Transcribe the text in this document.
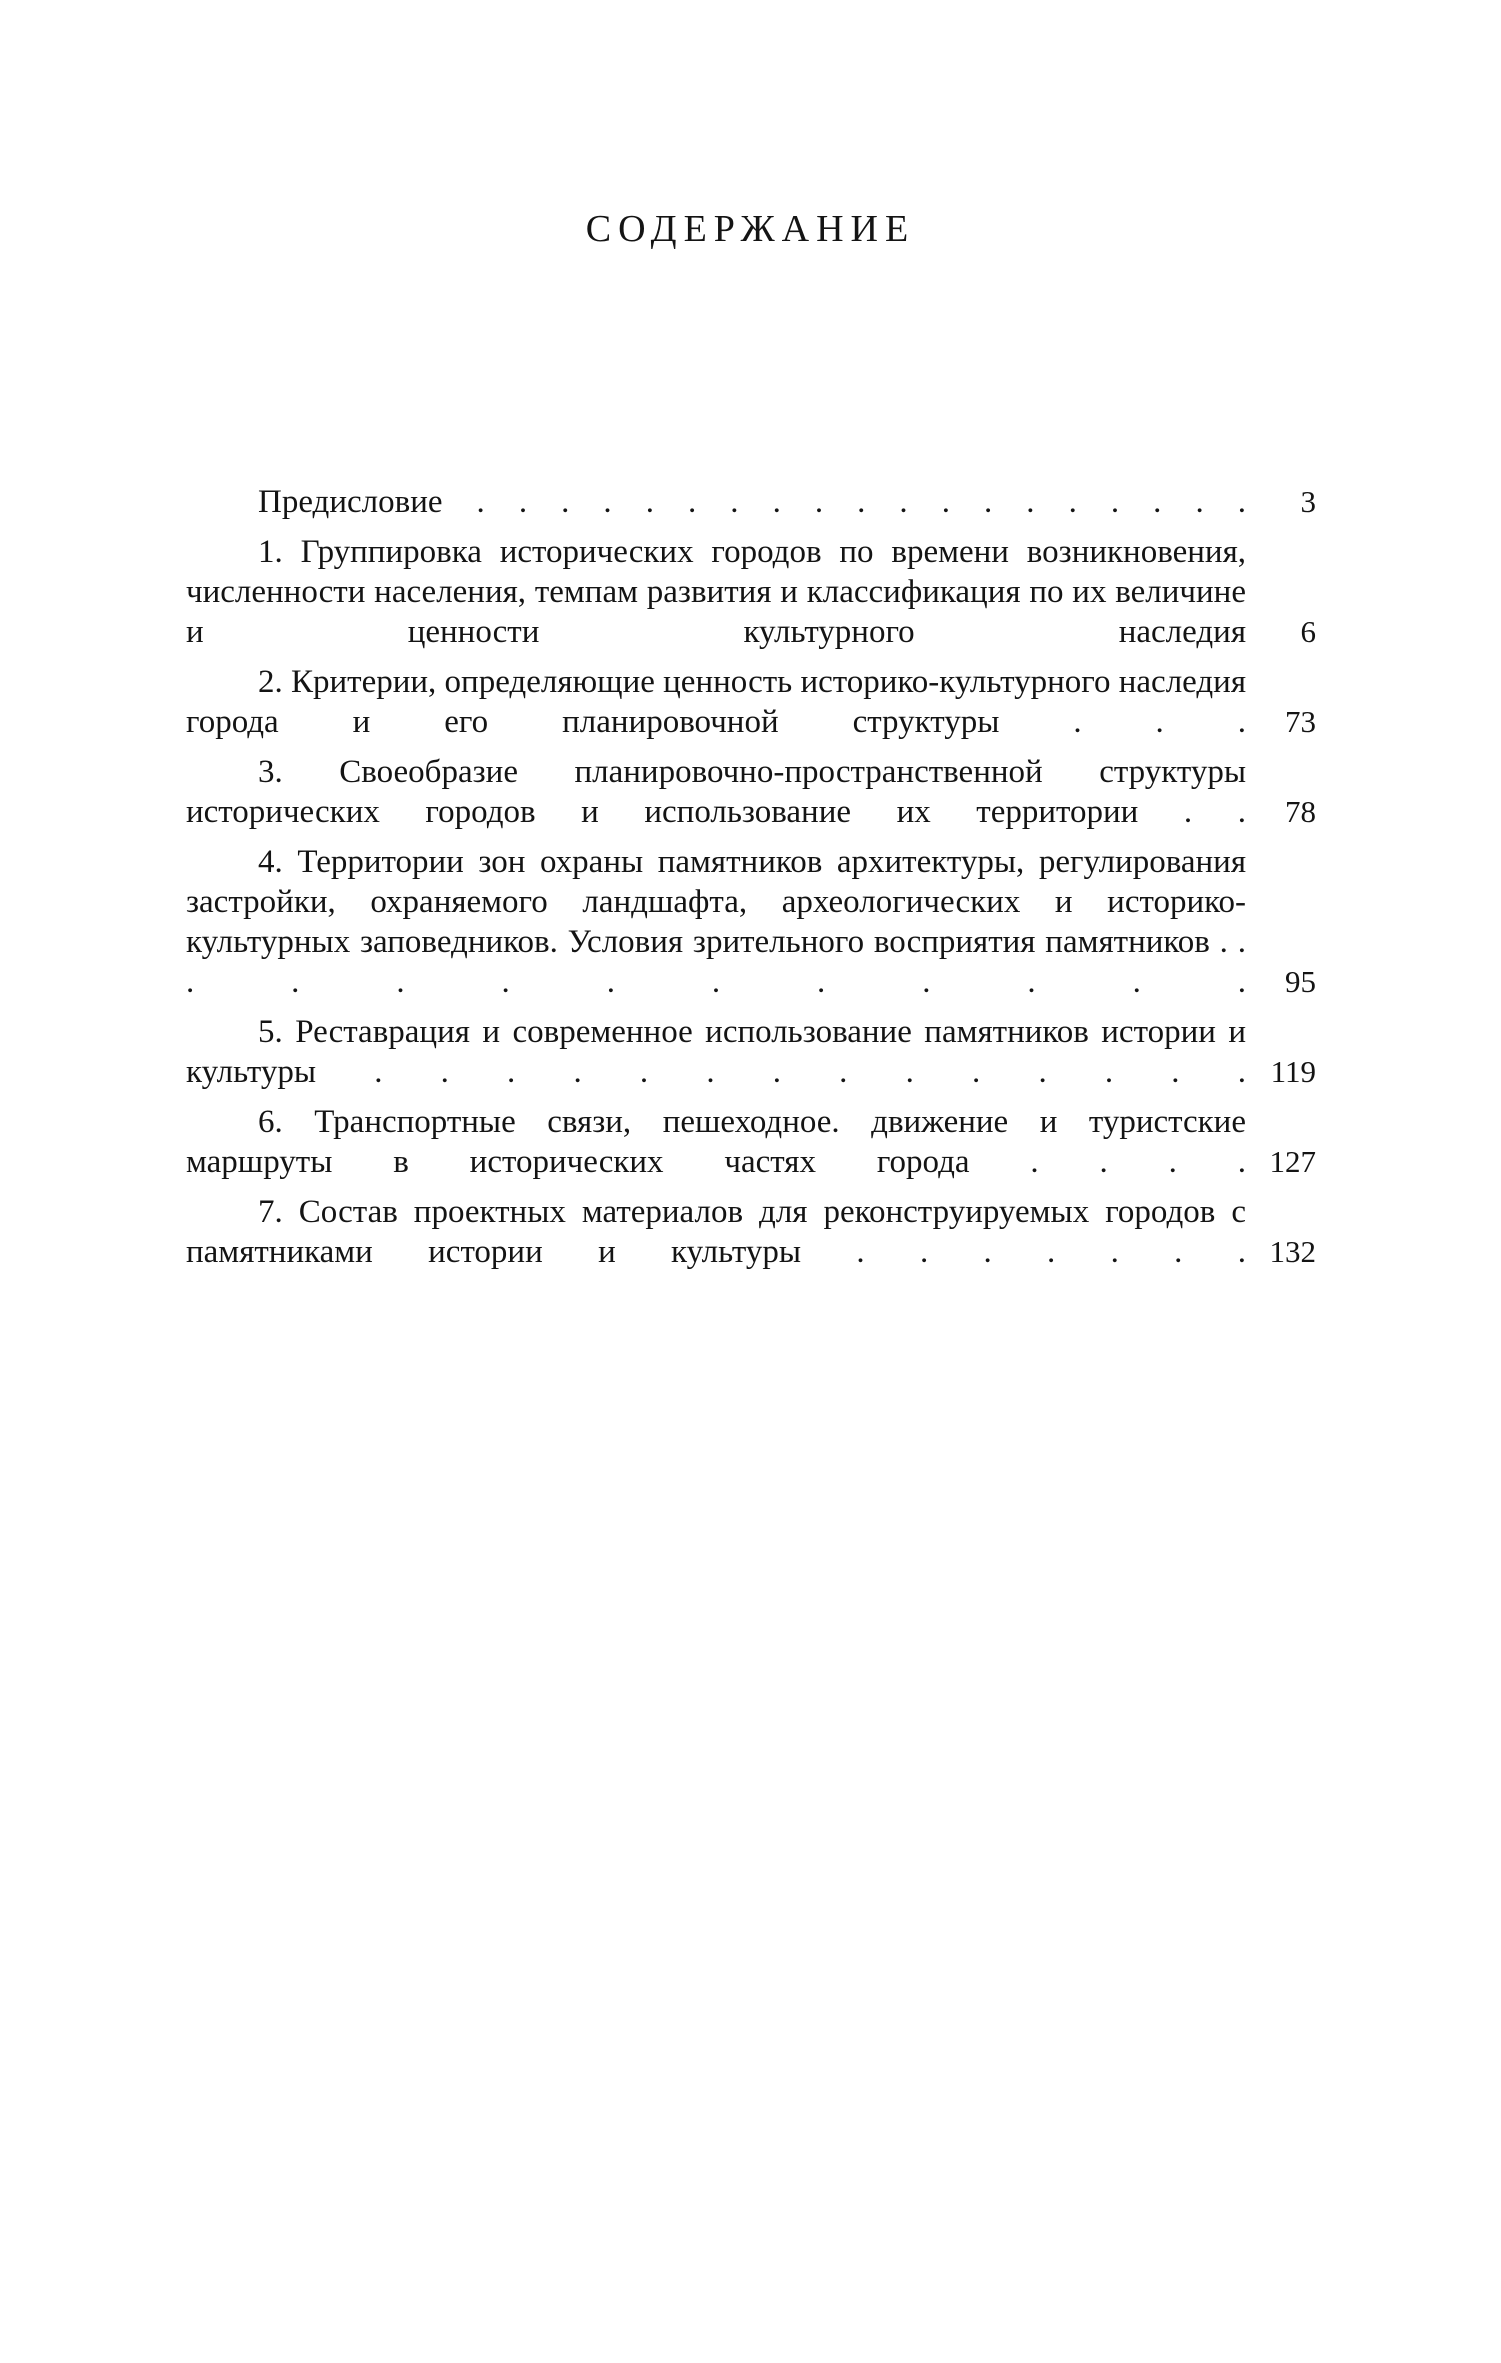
СОДЕРЖАНИЕ
Предисловие . . . . . . . . . . . . . . . . . . .	3
1. Группировка исторических городов по времени возникновения, численности населения, темпам развития и классификация по их величине и ценности культурного наследия	6
2. Критерии, определяющие ценность историко-культурного наследия города и его планировочной структуры . . .	73
3. Своеобразие планировочно-пространственной структуры исторических городов и использование их территории . .	78
4. Территории зон охраны памятников архитектуры, регулирования застройки, охраняемого ландшафта, археологических и историко-культурных заповедников. Условия зрительного восприятия памятников . . . . . . . . . . . . .	95
5. Реставрация и современное использование памятников истории и культуры . . . . . . . . . . . . . . 119
6. Транспортные связи, пешеходное. движение и туристские маршруты в исторических частях города . . . . 127
7. Состав проектных материалов для реконструируемых городов с памятниками истории и культуры . . . . . . . 132
